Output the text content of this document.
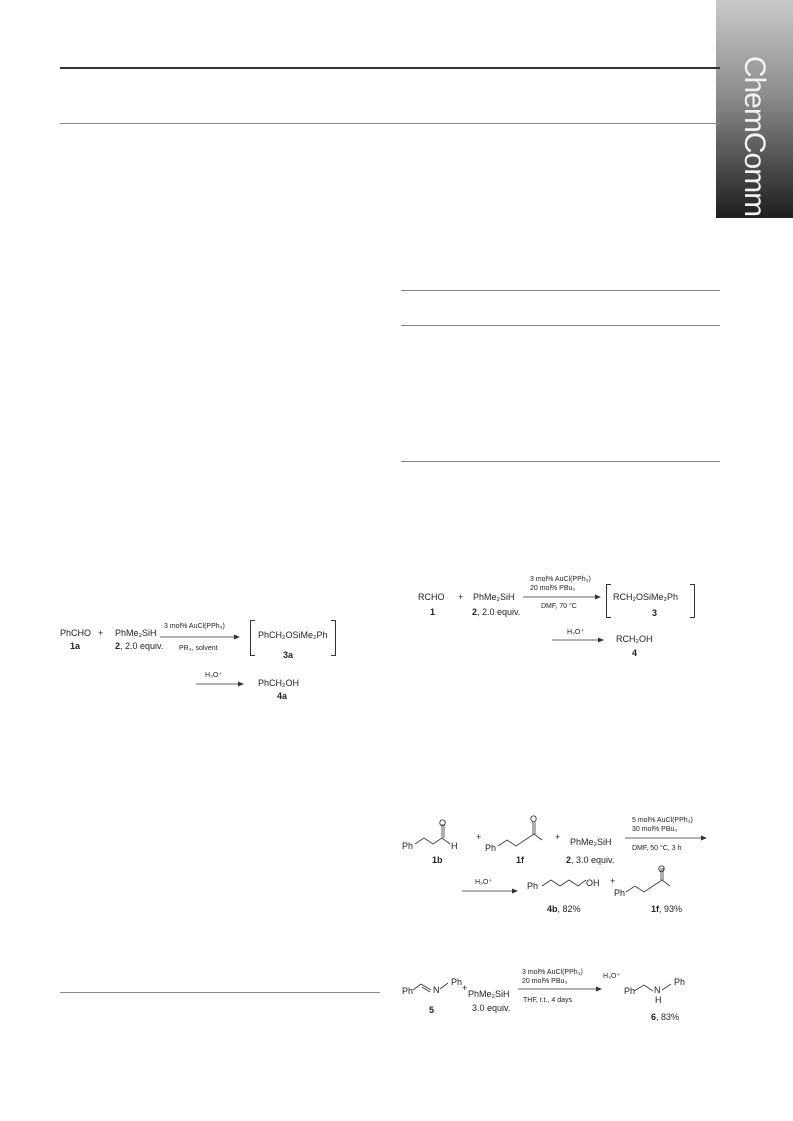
ChemComm
PhCHO
1a
+ PhMe₂SiH
2, 2.0 equiv.
3 mol% AuCl(PPh₃)
PR₃, solvent
PhCH₂OSiMe₂Ph
3a
H₃O⁺
PhCH₂OH
4a
RCHO
1
+ PhMe₂SiH
2, 2.0 equiv.
3 mol% AuCl(PPh₃)
20 mol% PBu₃
DMF, 70 °C
RCH₂OSiMe₂Ph
3
H₃O⁺
RCH₂OH
4
Ph	H
O
1b
+
Ph
O
1f
+ PhMe₂SiH
2, 3.0 equiv.
5 mol% AuCl(PPh₃)
30 mol% PBu₃
DMF, 50 °C, 3 h
H₃O⁺	Ph	OH
4b, 82%
+
Ph
O
1f, 93%
Ph N
Ph
5
+
PhMe₂SiH
3.0 equiv.
3 mol% AuCl(PPh₃)
20 mol% PBu₃
THF, r.t., 4 days
H₃O⁺
Ph N
H
Ph
6, 83%
